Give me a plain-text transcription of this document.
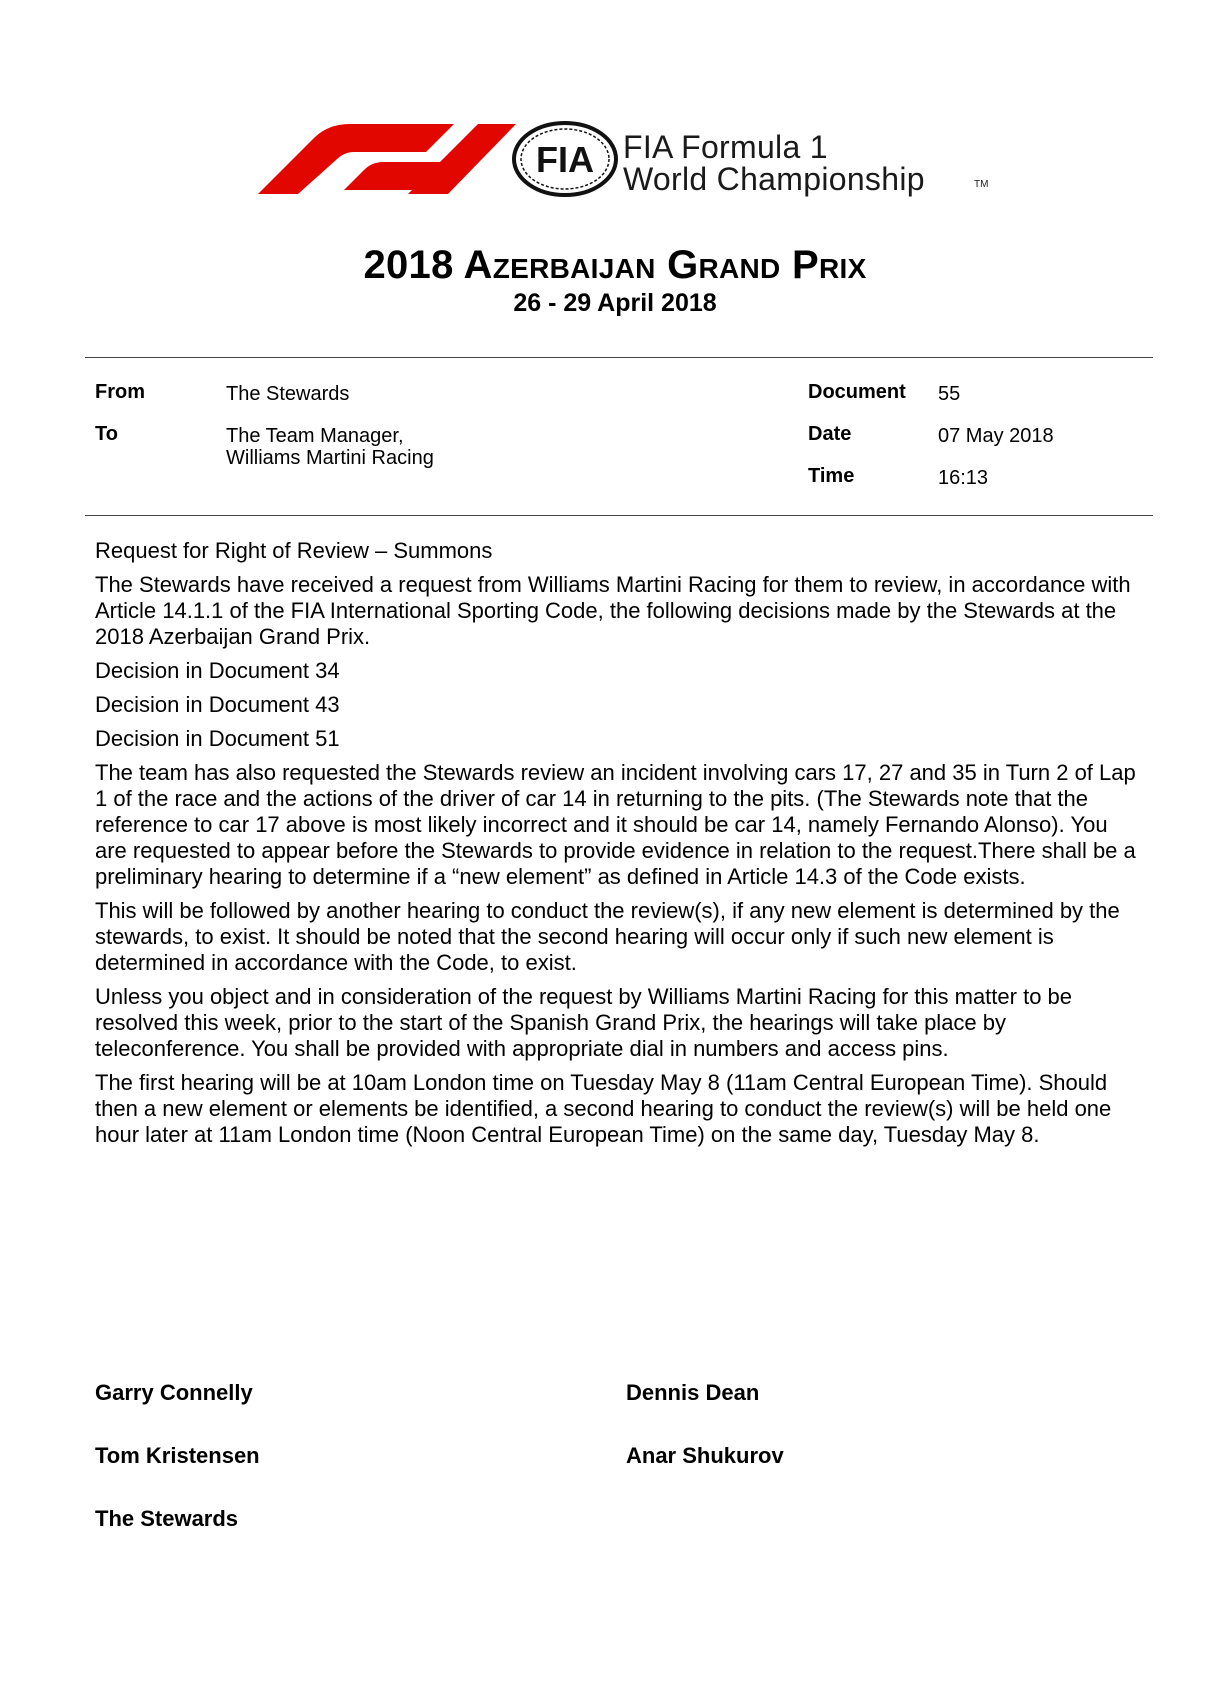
FIA FIA Formula 1
World Championship	TM
2018 Azerbaijan Grand Prix
26 - 29 April 2018
From	The Stewards
To	The Team Manager,
Williams Martini Racing
Document 55
Date	07 May 2018
Time	16:13

Request for Right of Review – Summons

The Stewards have received a request from Williams Martini Racing for them to review, in accordance with Article 14.1.1 of the FIA International Sporting Code, the following decisions made by the Stewards at the 2018 Azerbaijan Grand Prix.

Decision in Document 34

Decision in Document 43

Decision in Document 51

The team has also requested the Stewards review an incident involving cars 17, 27 and 35 in Turn 2 of Lap 1 of the race and the actions of the driver of car 14 in returning to the pits. (The Stewards note that the reference to car 17 above is most likely incorrect and it should be car 14, namely Fernando Alonso). You are requested to appear before the Stewards to provide evidence in relation to the request.There shall be a preliminary hearing to determine if a “new element” as defined in Article 14.3 of the Code exists.

This will be followed by another hearing to conduct the review(s), if any new element is determined by the stewards, to exist. It should be noted that the second hearing will occur only if such new element is determined in accordance with the Code, to exist.

Unless you object and in consideration of the request by Williams Martini Racing for this matter to be resolved this week, prior to the start of the Spanish Grand Prix, the hearings will take place by teleconference. You shall be provided with appropriate dial in numbers and access pins.

The first hearing will be at 10am London time on Tuesday May 8 (11am Central European Time). Should then a new element or elements be identified, a second hearing to conduct the review(s) will be held one hour later at 11am London time (Noon Central European Time) on the same day, Tuesday May 8.

Garry Connelly	Dennis Dean
Tom Kristensen	Anar Shukurov
The Stewards
